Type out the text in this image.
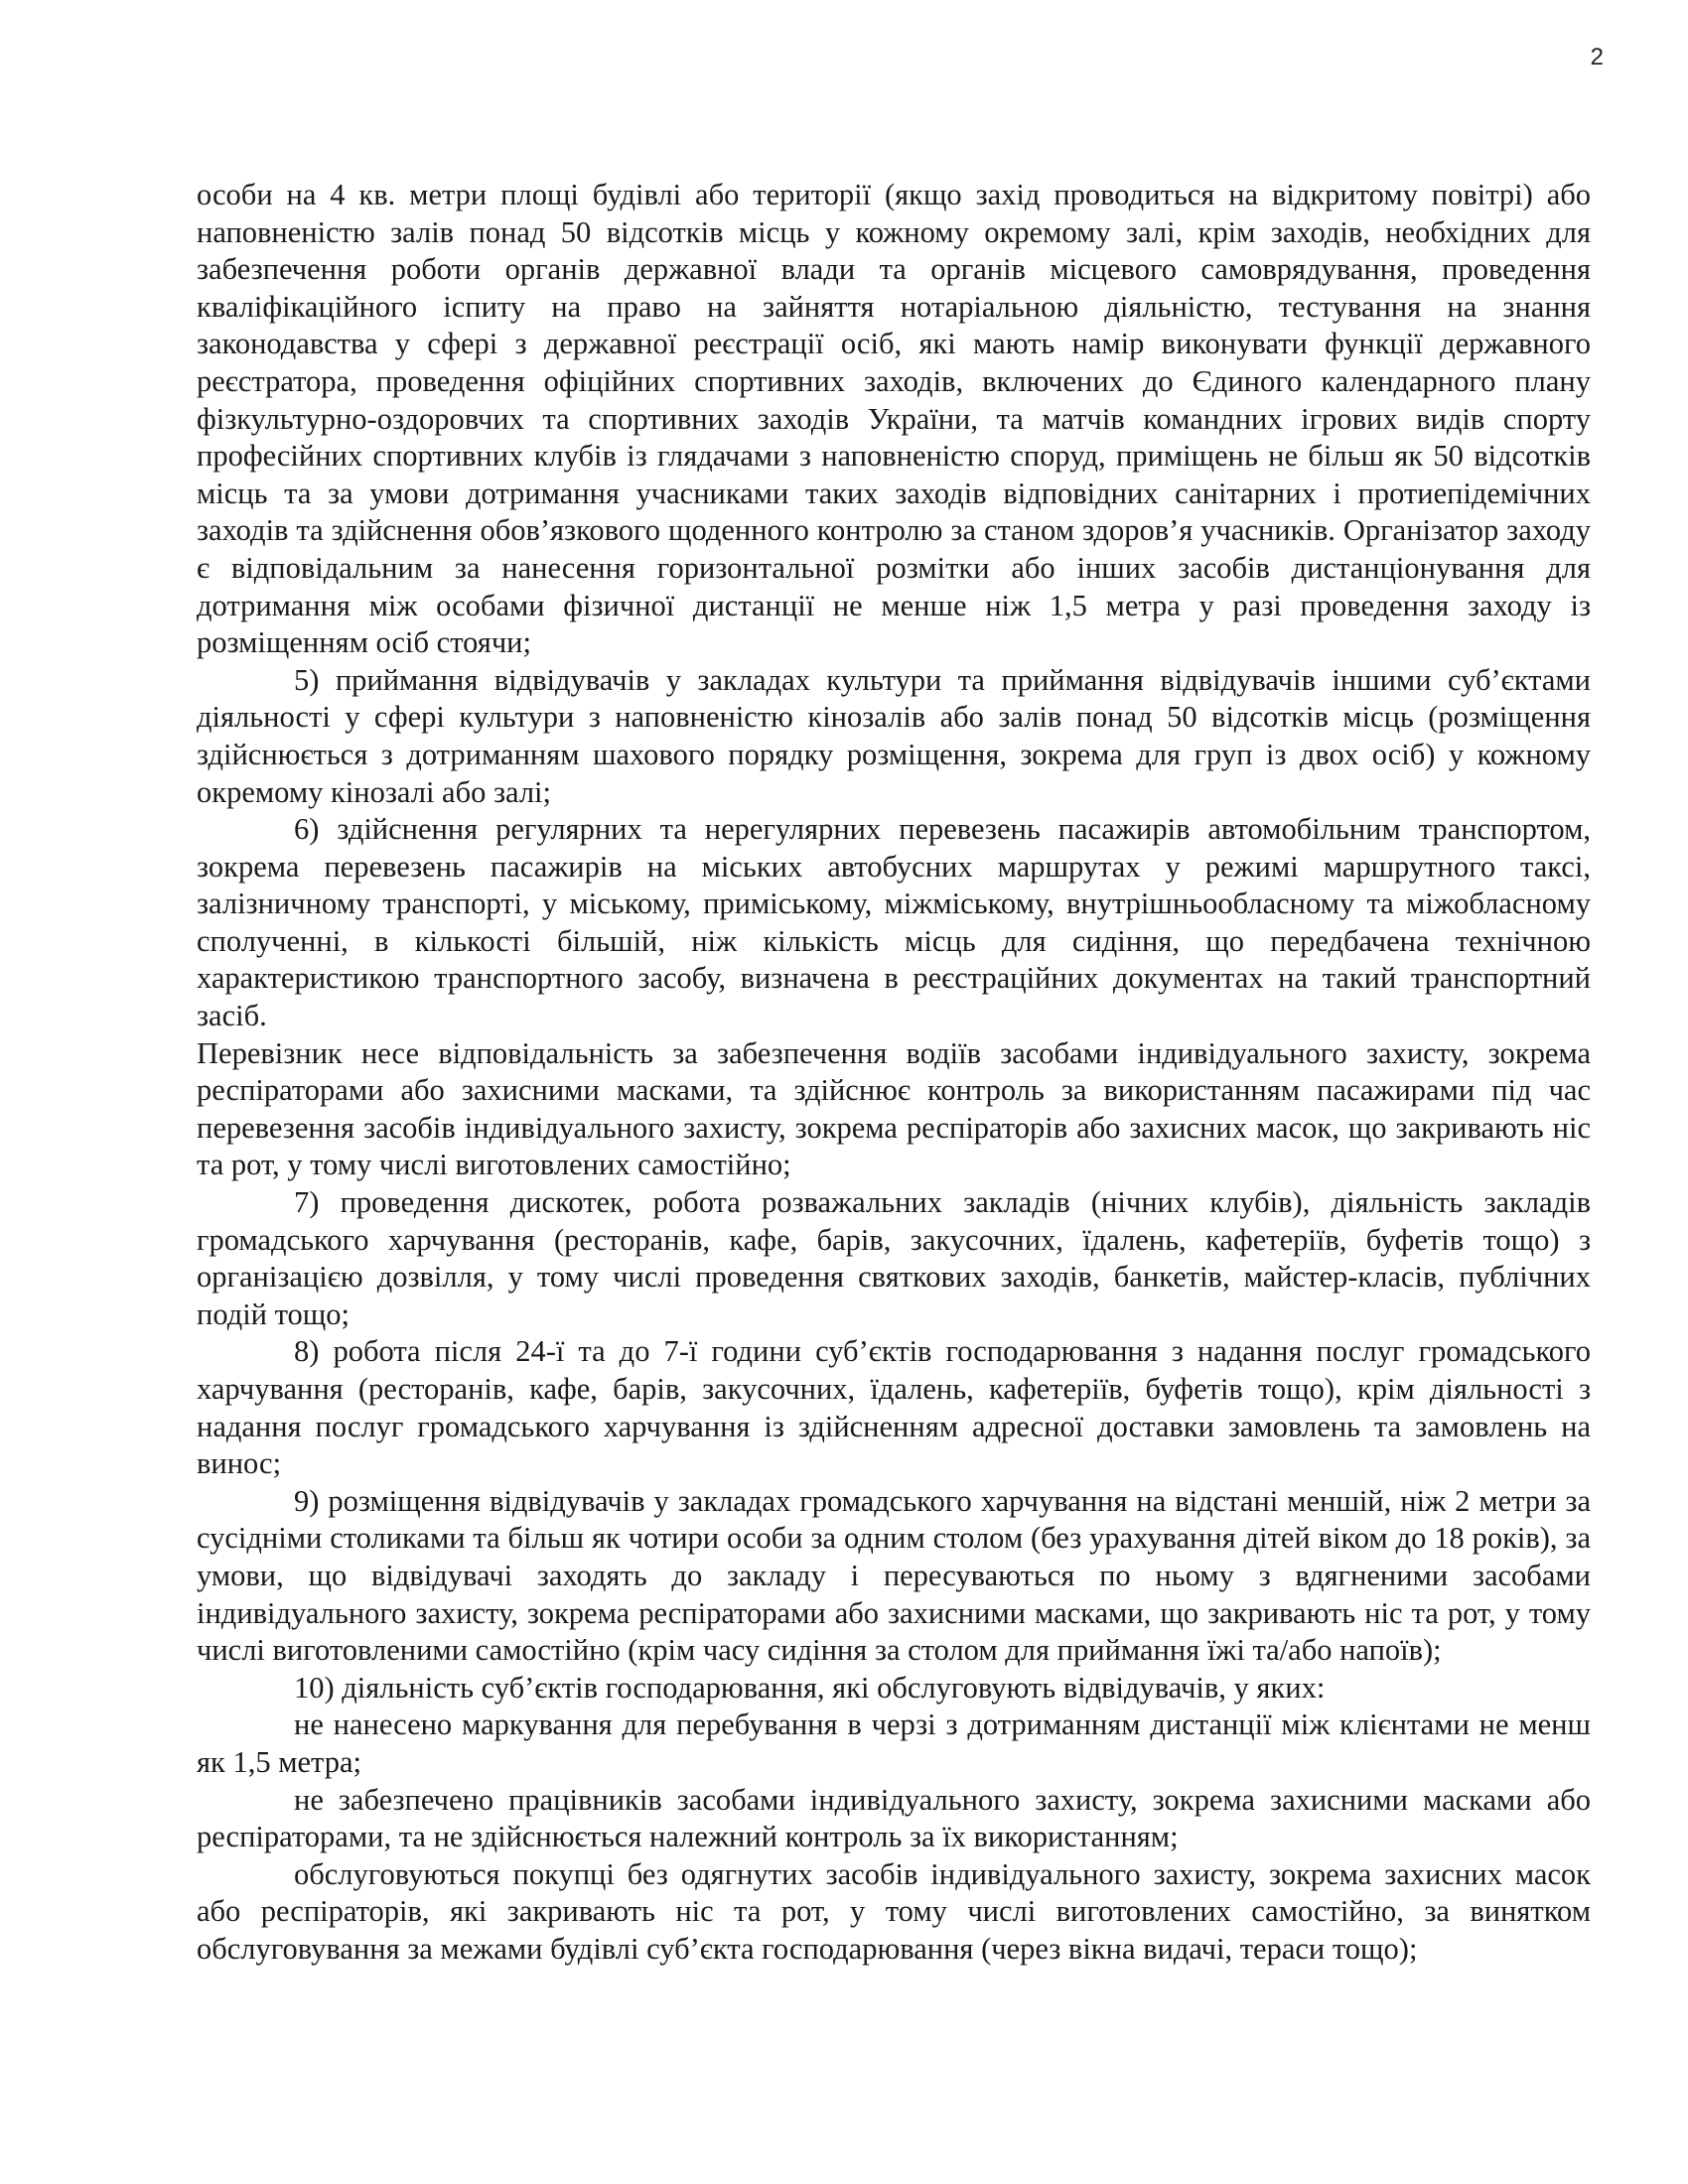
2

особи на 4 кв. метри площі будівлі або території (якщо захід проводиться на відкритому повітрі) або наповненістю залів понад 50 відсотків місць у кожному окремому залі, крім заходів, необхідних для забезпечення роботи органів державної влади та органів місцевого самоврядування, проведення кваліфікаційного іспиту на право на зайняття нотаріальною діяльністю, тестування на знання законодавства у сфері з державної реєстрації осіб, які мають намір виконувати функції державного реєстратора, проведення офіційних спортивних заходів, включених до Єдиного календарного плану фізкультурно-оздоровчих та спортивних заходів України, та матчів командних ігрових видів спорту професійних спортивних клубів із глядачами з наповненістю споруд, приміщень не більш як 50 відсотків місць та за умови дотримання учасниками таких заходів відповідних санітарних і протиепідемічних заходів та здійснення обов’язкового щоденного контролю за станом здоров’я учасників. Організатор заходу є відповідальним за нанесення горизонтальної розмітки або інших засобів дистанціонування для дотримання між особами фізичної дистанції не менше ніж 1,5 метра у разі проведення заходу із розміщенням осіб стоячи;

5) приймання відвідувачів у закладах культури та приймання відвідувачів іншими суб’єктами діяльності у сфері культури з наповненістю кінозалів або залів понад 50 відсотків місць (розміщення здійснюється з дотриманням шахового порядку розміщення, зокрема для груп із двох осіб) у кожному окремому кінозалі або залі;

6) здійснення регулярних та нерегулярних перевезень пасажирів автомобільним транспортом, зокрема перевезень пасажирів на міських автобусних маршрутах у режимі маршрутного таксі, залізничному транспорті, у міському, приміському, міжміському, внутрішньообласному та міжобласному сполученні, в кількості більшій, ніж кількість місць для сидіння, що передбачена технічною характеристикою транспортного засобу, визначена в реєстраційних документах на такий транспортний засіб.

Перевізник несе відповідальність за забезпечення водіїв засобами індивідуального захисту, зокрема респіраторами або захисними масками, та здійснює контроль за використанням пасажирами під час перевезення засобів індивідуального захисту, зокрема респіраторів або захисних масок, що закривають ніс та рот, у тому числі виготовлених самостійно;

7) проведення дискотек, робота розважальних закладів (нічних клубів), діяльність закладів громадського харчування (ресторанів, кафе, барів, закусочних, їдалень, кафетеріїв, буфетів тощо) з організацією дозвілля, у тому числі проведення святкових заходів, банкетів, майстер-класів, публічних подій тощо;

8) робота після 24-ї та до 7-ї години суб’єктів господарювання з надання послуг громадського харчування (ресторанів, кафе, барів, закусочних, їдалень, кафетеріїв, буфетів тощо), крім діяльності з надання послуг громадського харчування із здійсненням адресної доставки замовлень та замовлень на винос;

9) розміщення відвідувачів у закладах громадського харчування на відстані меншій, ніж 2 метри за сусідніми столиками та більш як чотири особи за одним столом (без урахування дітей віком до 18 років), за умови, що відвідувачі заходять до закладу і пересуваються по ньому з вдягненими засобами індивідуального захисту, зокрема респіраторами або захисними масками, що закривають ніс та рот, у тому числі виготовленими самостійно (крім часу сидіння за столом для приймання їжі та/або напоїв);

10) діяльність суб’єктів господарювання, які обслуговують відвідувачів, у яких:

не нанесено маркування для перебування в черзі з дотриманням дистанції між клієнтами не менш як 1,5 метра;

не забезпечено працівників засобами індивідуального захисту, зокрема захисними масками або респіраторами, та не здійснюється належний контроль за їх використанням;

обслуговуються покупці без одягнутих засобів індивідуального захисту, зокрема захисних масок або респіраторів, які закривають ніс та рот, у тому числі виготовлених самостійно, за винятком обслуговування за межами будівлі суб’єкта господарювання (через вікна видачі, тераси тощо);
